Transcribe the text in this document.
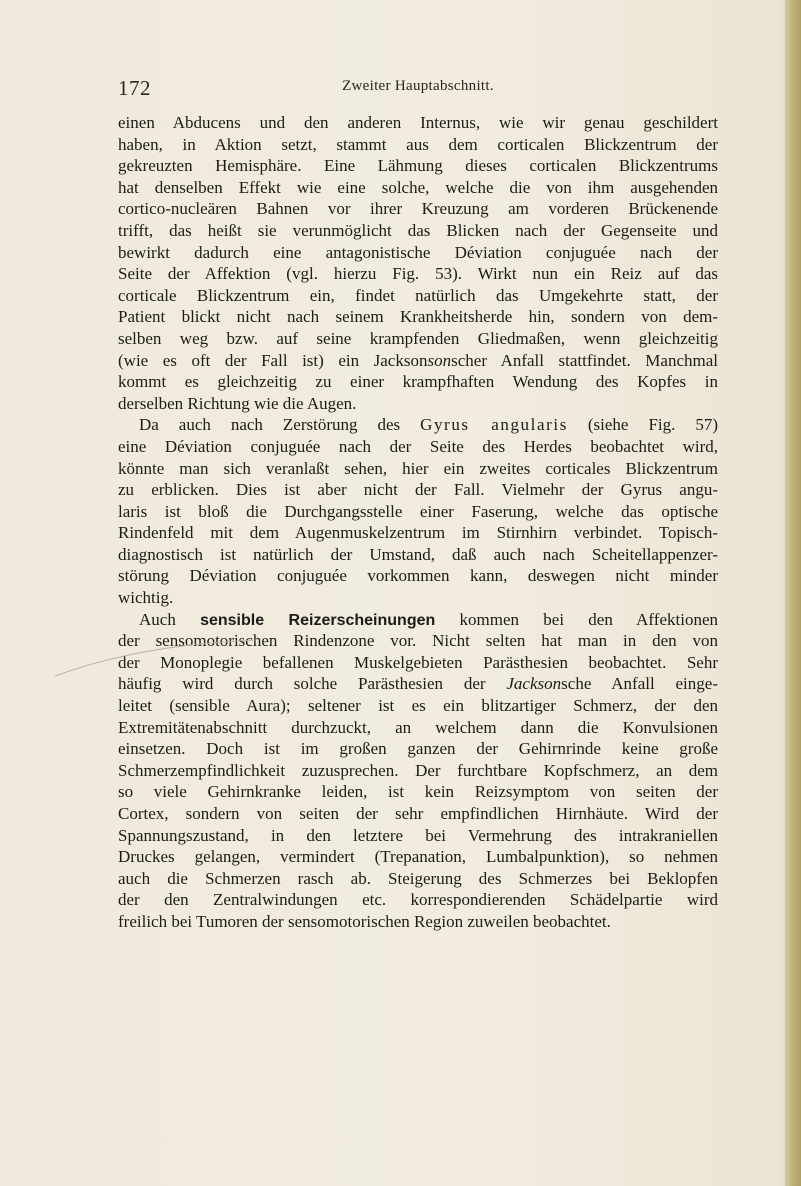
172	Zweiter Hauptabschnitt.
einen Abducens und den anderen Internus, wie wir genau geschildert
haben, in Aktion setzt, stammt aus dem corticalen Blickzentrum der
gekreuzten Hemisphäre. Eine Lähmung dieses corticalen Blickzentrums
hat denselben Effekt wie eine solche, welche die von ihm ausgehenden
cortico-nucleären Bahnen vor ihrer Kreuzung am vorderen Brückenende
trifft, das heißt sie verunmöglicht das Blicken nach der Gegenseite und
bewirkt dadurch eine antagonistische Déviation conjuguée nach der
Seite der Affektion (vgl. hierzu Fig. 53). Wirkt nun ein Reiz auf das
corticale Blickzentrum ein, findet natürlich das Umgekehrte statt, der
Patient blickt nicht nach seinem Krankheitsherde hin, sondern von dem-
selben weg bzw. auf seine krampfenden Gliedmaßen, wenn gleichzeitig
(wie es oft der Fall ist) ein Jacksonsonscher Anfall stattfindet. Manchmal
kommt es gleichzeitig zu einer krampfhaften Wendung des Kopfes in
derselben Richtung wie die Augen.
Da auch nach Zerstörung des Gyrus angularis (siehe Fig. 57)
eine Déviation conjuguée nach der Seite des Herdes beobachtet wird,
könnte man sich veranlaßt sehen, hier ein zweites corticales Blickzentrum
zu erblicken. Dies ist aber nicht der Fall. Vielmehr der Gyrus angu-
laris ist bloß die Durchgangsstelle einer Faserung, welche das optische
Rindenfeld mit dem Augenmuskelzentrum im Stirnhirn verbindet. Topisch-
diagnostisch ist natürlich der Umstand, daß auch nach Scheitellappenzer-
störung Déviation conjuguée vorkommen kann, deswegen nicht minder
wichtig.
Auch sensible Reizerscheinungen kommen bei den Affektionen
der sensomotorischen Rindenzone vor. Nicht selten hat man in den von
der Monoplegie befallenen Muskelgebieten Parästhesien beobachtet. Sehr
häufig wird durch solche Parästhesien der Jacksonsche Anfall einge-
leitet (sensible Aura); seltener ist es ein blitzartiger Schmerz, der den
Extremitätenabschnitt durchzuckt, an welchem dann die Konvulsionen
einsetzen. Doch ist im großen ganzen der Gehirnrinde keine große
Schmerzempfindlichkeit zuzusprechen. Der furchtbare Kopfschmerz, an dem
so viele Gehirnkranke leiden, ist kein Reizsymptom von seiten der
Cortex, sondern von seiten der sehr empfindlichen Hirnhäute. Wird der
Spannungszustand, in den letztere bei Vermehrung des intrakraniellen
Druckes gelangen, vermindert (Trepanation, Lumbalpunktion), so nehmen
auch die Schmerzen rasch ab. Steigerung des Schmerzes bei Beklopfen
der den Zentralwindungen etc. korrespondierenden Schädelpartie wird
freilich bei Tumoren der sensomotorischen Region zuweilen beobachtet.
